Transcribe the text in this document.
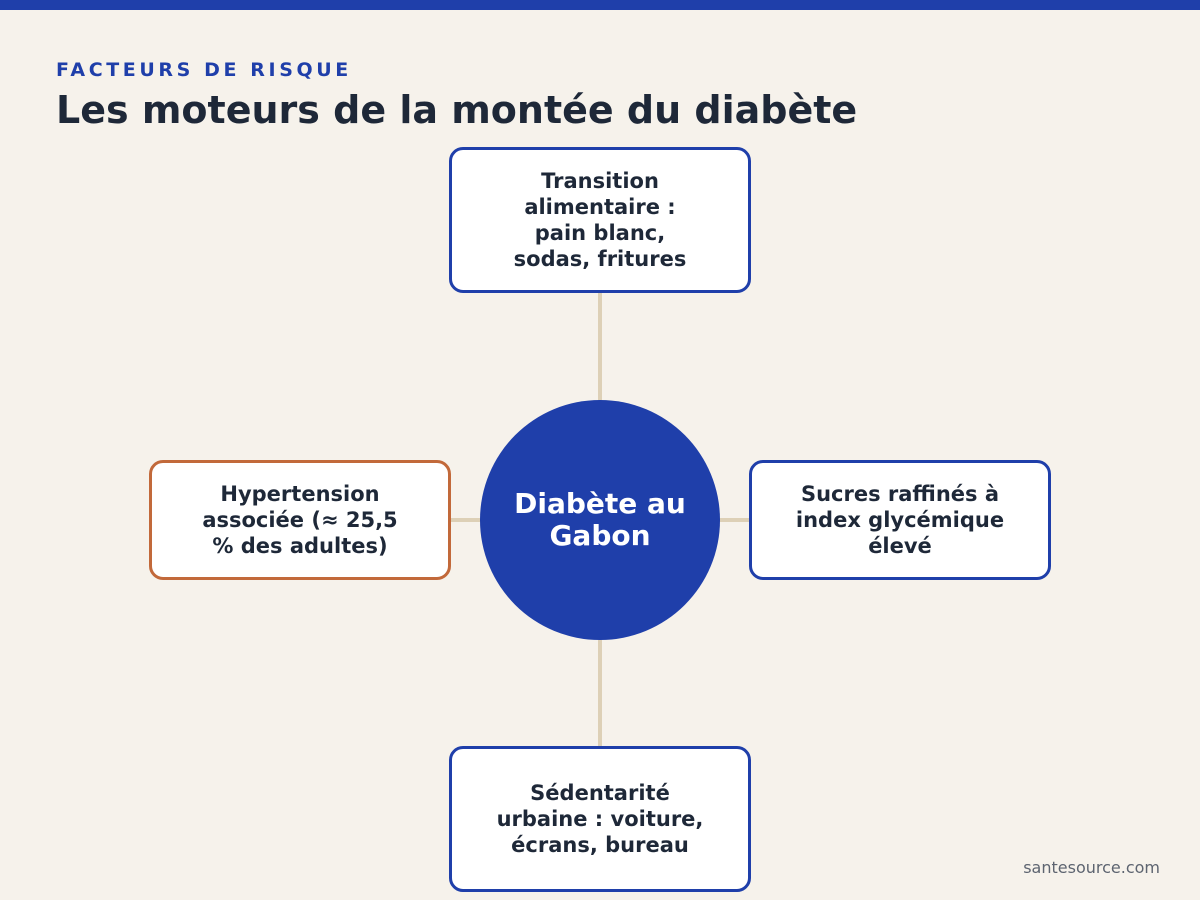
FACTEURS DE RISQUE
Les moteurs de la montée du diabète
Diabète au Gabon
Transition alimentaire : pain blanc, sodas, fritures
Sucres raffinés à index glycémique élevé
Sédentarité urbaine : voiture, écrans, bureau
Hypertension associée (≈ 25,5 % des adultes)
santesource.com
